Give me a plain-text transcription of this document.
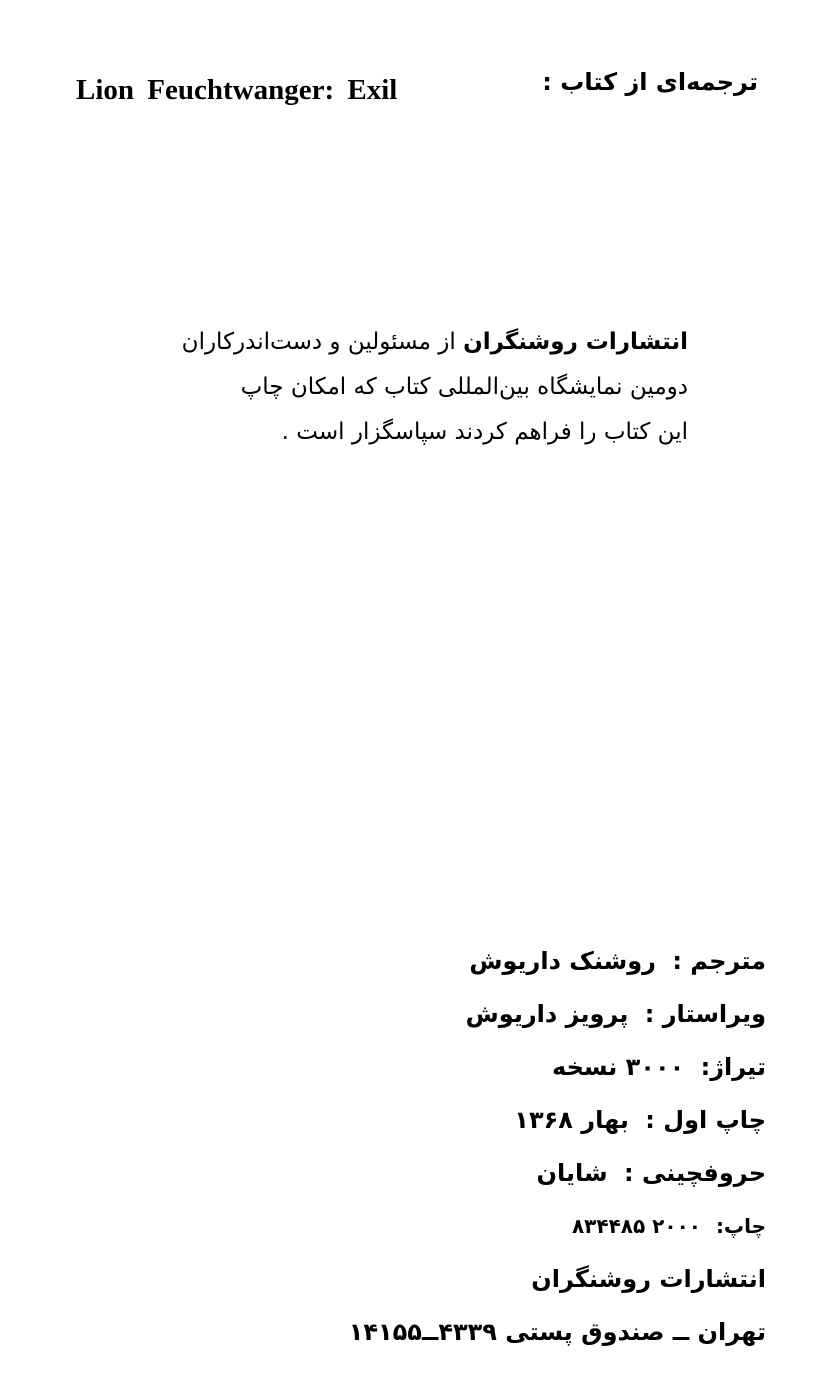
Lion Feuchtwanger: Exil	ترجمه‌ای از کتاب :

انتشارات روشنگران از مسئولین و دست‌اندرکاران

دومین نمایشگاه بین‌المللی کتاب که امکان چاپ

این کتاب را فراهم کردند سپاسگزار است .

مترجم : روشنک داریوش
ویراستار : پرویز داریوش
تیراژ: ۳۰۰۰ نسخه
چاپ اول : بهار ۱۳۶۸
حروفچینی : شایان
چاپ: ۲۰۰۰ ۸۳۴۴۸۵
انتشارات روشنگران
تهران ــ صندوق پستی ۴۳۳۹ــ۱۴۱۵۵
